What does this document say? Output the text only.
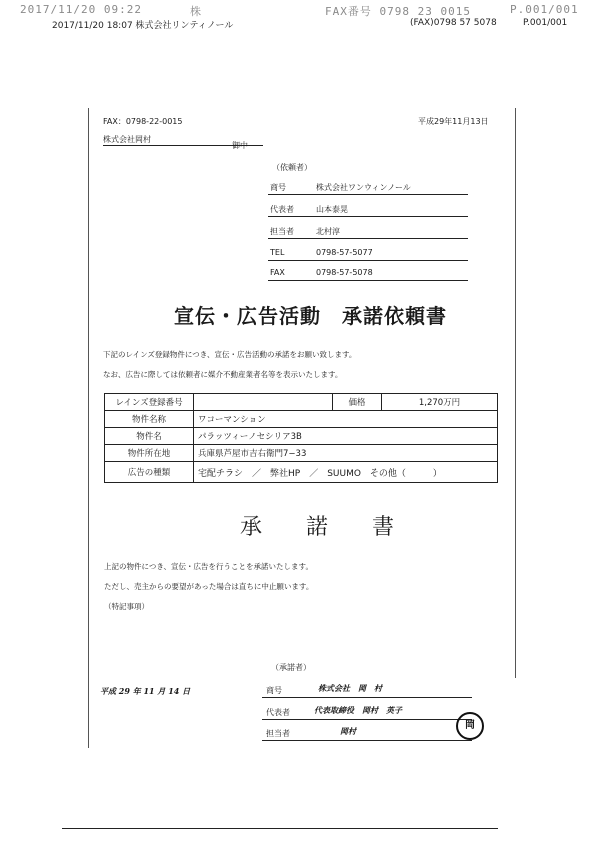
2017/11/20 09:22	株	FAX番号 0798 23 0015	P.001/001
2017/11/20 18:07 株式会社リンティノール	(FAX)0798 57 5078	P.001/001
FAX：0798-22-0015	平成29年11月13日
株式会社岡村
御中
（依頼者）
商号	株式会社ワンウィンノール
代表者	山本泰晃
担当者	北村淳
TEL	0798-57-5077
FAX	0798-57-5078
宣伝・広告活動　承諾依頼書
下記のレインズ登録物件につき、宣伝・広告活動の承諾をお願い致します。
なお、広告に際しては依頼者に媒介不動産業者名等を表示いたします。
レインズ登録番号		価格	1,270万円
物件名称	ワコーマンション		
物件名	パラッツィーノセシリア3B		
物件所在地	兵庫県芦屋市吉右衛門7−33		
広告の種類	宅配チラシ　／　弊社HP　／　SUUMO　その他（　　　）		
承　　諾　　書
上記の物件につき、宣伝・広告を行うことを承諾いたします。
ただし、売主からの要望があった場合は直ちに中止願います。
（特記事項）
（承諾者）
平成 29 年 11 月 14 日	商号	株式会社　岡　村
代表者	代表取締役　岡村　英子
担当者	岡村	岡
